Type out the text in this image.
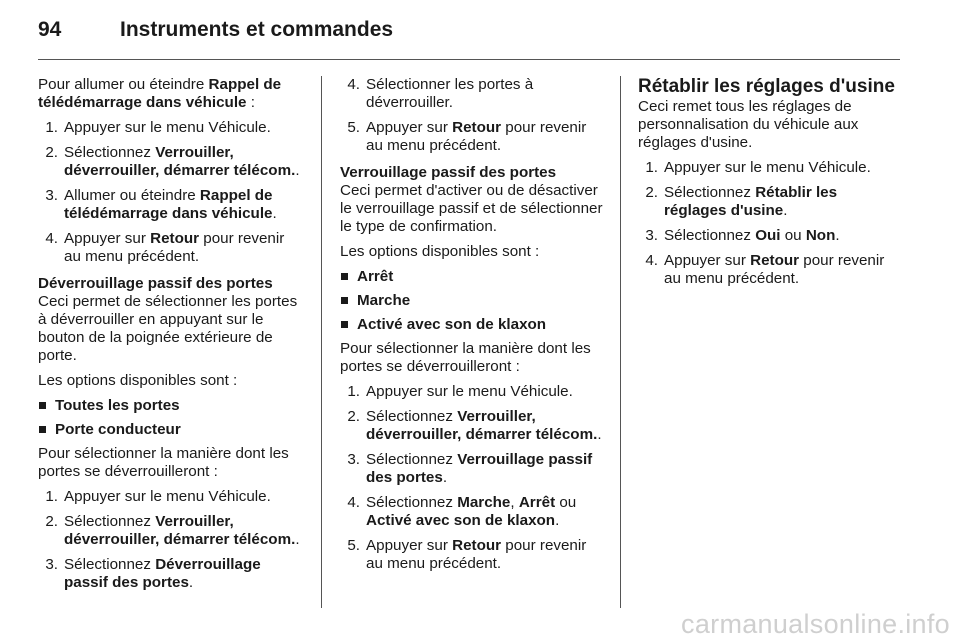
94	Instruments et commandes

Pour allumer ou éteindre Rappel de télédémarrage dans véhicule :

1. Appuyer sur le menu Véhicule.
2. Sélectionnez Verrouiller, déverrouiller, démarrer télécom..
3. Allumer ou éteindre Rappel de télédémarrage dans véhicule.
4. Appuyer sur Retour pour revenir au menu précédent.

Déverrouillage passif des portes

Ceci permet de sélectionner les portes à déverrouiller en appuyant sur le bouton de la poignée extérieure de porte.

Les options disponibles sont :

Toutes les portes
Porte conducteur

Pour sélectionner la manière dont les portes se déverrouilleront :

1. Appuyer sur le menu Véhicule.
2. Sélectionnez Verrouiller, déverrouiller, démarrer télécom..
3. Sélectionnez Déverrouillage passif des portes.
4. Sélectionner les portes à déverrouiller.
5. Appuyer sur Retour pour revenir au menu précédent.

Verrouillage passif des portes

Ceci permet d'activer ou de désactiver le verrouillage passif et de sélectionner le type de confirmation.

Les options disponibles sont :

Arrêt
Marche
Activé avec son de klaxon

Pour sélectionner la manière dont les portes se déverrouilleront :

1. Appuyer sur le menu Véhicule.
2. Sélectionnez Verrouiller, déverrouiller, démarrer télécom..
3. Sélectionnez Verrouillage passif des portes.
4. Sélectionnez Marche, Arrêt ou Activé avec son de klaxon.
5. Appuyer sur Retour pour revenir au menu précédent.

Rétablir les réglages d'usine

Ceci remet tous les réglages de personnalisation du véhicule aux réglages d'usine.

1. Appuyer sur le menu Véhicule.
2. Sélectionnez Rétablir les réglages d'usine.
3. Sélectionnez Oui ou Non.
4. Appuyer sur Retour pour revenir au menu précédent.
carmanualsonline.info
